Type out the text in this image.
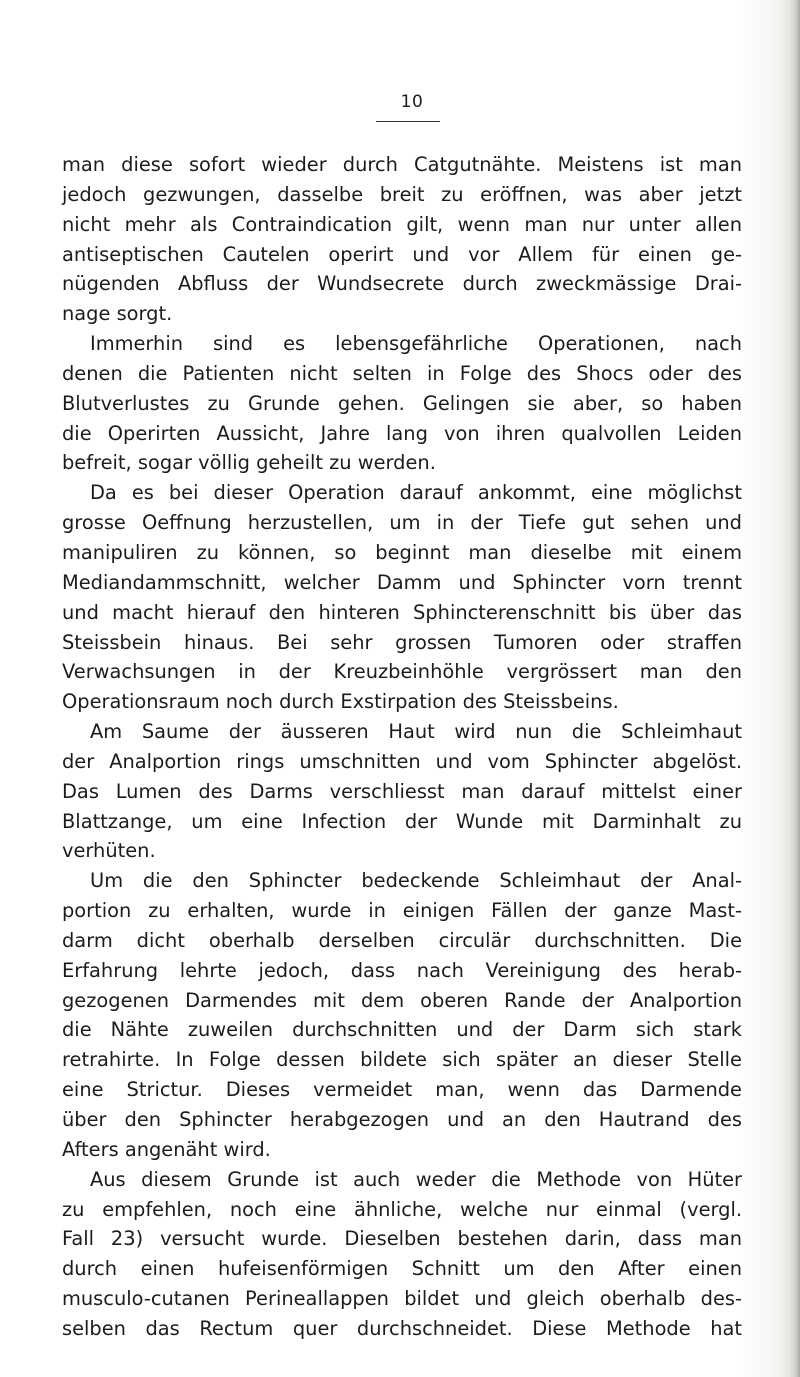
10
man diese sofort wieder durch Catgutnähte. Meistens ist man
jedoch gezwungen, dasselbe breit zu eröffnen, was aber jetzt
nicht mehr als Contraindication gilt, wenn man nur unter allen
antiseptischen Cautelen operirt und vor Allem für einen ge-
nügenden Abfluss der Wundsecrete durch zweckmässige Drai-
nage sorgt.
Immerhin sind es lebensgefährliche Operationen, nach
denen die Patienten nicht selten in Folge des Shocs oder des
Blutverlustes zu Grunde gehen. Gelingen sie aber, so haben
die Operirten Aussicht, Jahre lang von ihren qualvollen Leiden
befreit, sogar völlig geheilt zu werden.
Da es bei dieser Operation darauf ankommt, eine möglichst
grosse Oeffnung herzustellen, um in der Tiefe gut sehen und
manipuliren zu können, so beginnt man dieselbe mit einem
Mediandammschnitt, welcher Damm und Sphincter vorn trennt
und macht hierauf den hinteren Sphincterenschnitt bis über das
Steissbein hinaus. Bei sehr grossen Tumoren oder straffen
Verwachsungen in der Kreuzbeinhöhle vergrössert man den
Operationsraum noch durch Exstirpation des Steissbeins.
Am Saume der äusseren Haut wird nun die Schleimhaut
der Analportion rings umschnitten und vom Sphincter abgelöst.
Das Lumen des Darms verschliesst man darauf mittelst einer
Blattzange, um eine Infection der Wunde mit Darminhalt zu
verhüten.
Um die den Sphincter bedeckende Schleimhaut der Anal-
portion zu erhalten, wurde in einigen Fällen der ganze Mast-
darm dicht oberhalb derselben circulär durchschnitten. Die
Erfahrung lehrte jedoch, dass nach Vereinigung des herab-
gezogenen Darmendes mit dem oberen Rande der Analportion
die Nähte zuweilen durchschnitten und der Darm sich stark
retrahirte. In Folge dessen bildete sich später an dieser Stelle
eine Strictur. Dieses vermeidet man, wenn das Darmende
über den Sphincter herabgezogen und an den Hautrand des
Afters angenäht wird.
Aus diesem Grunde ist auch weder die Methode von Hüter
zu empfehlen, noch eine ähnliche, welche nur einmal (vergl.
Fall 23) versucht wurde. Dieselben bestehen darin, dass man
durch einen hufeisenförmigen Schnitt um den After einen
musculo-cutanen Perineallappen bildet und gleich oberhalb des-
selben das Rectum quer durchschneidet. Diese Methode hat
